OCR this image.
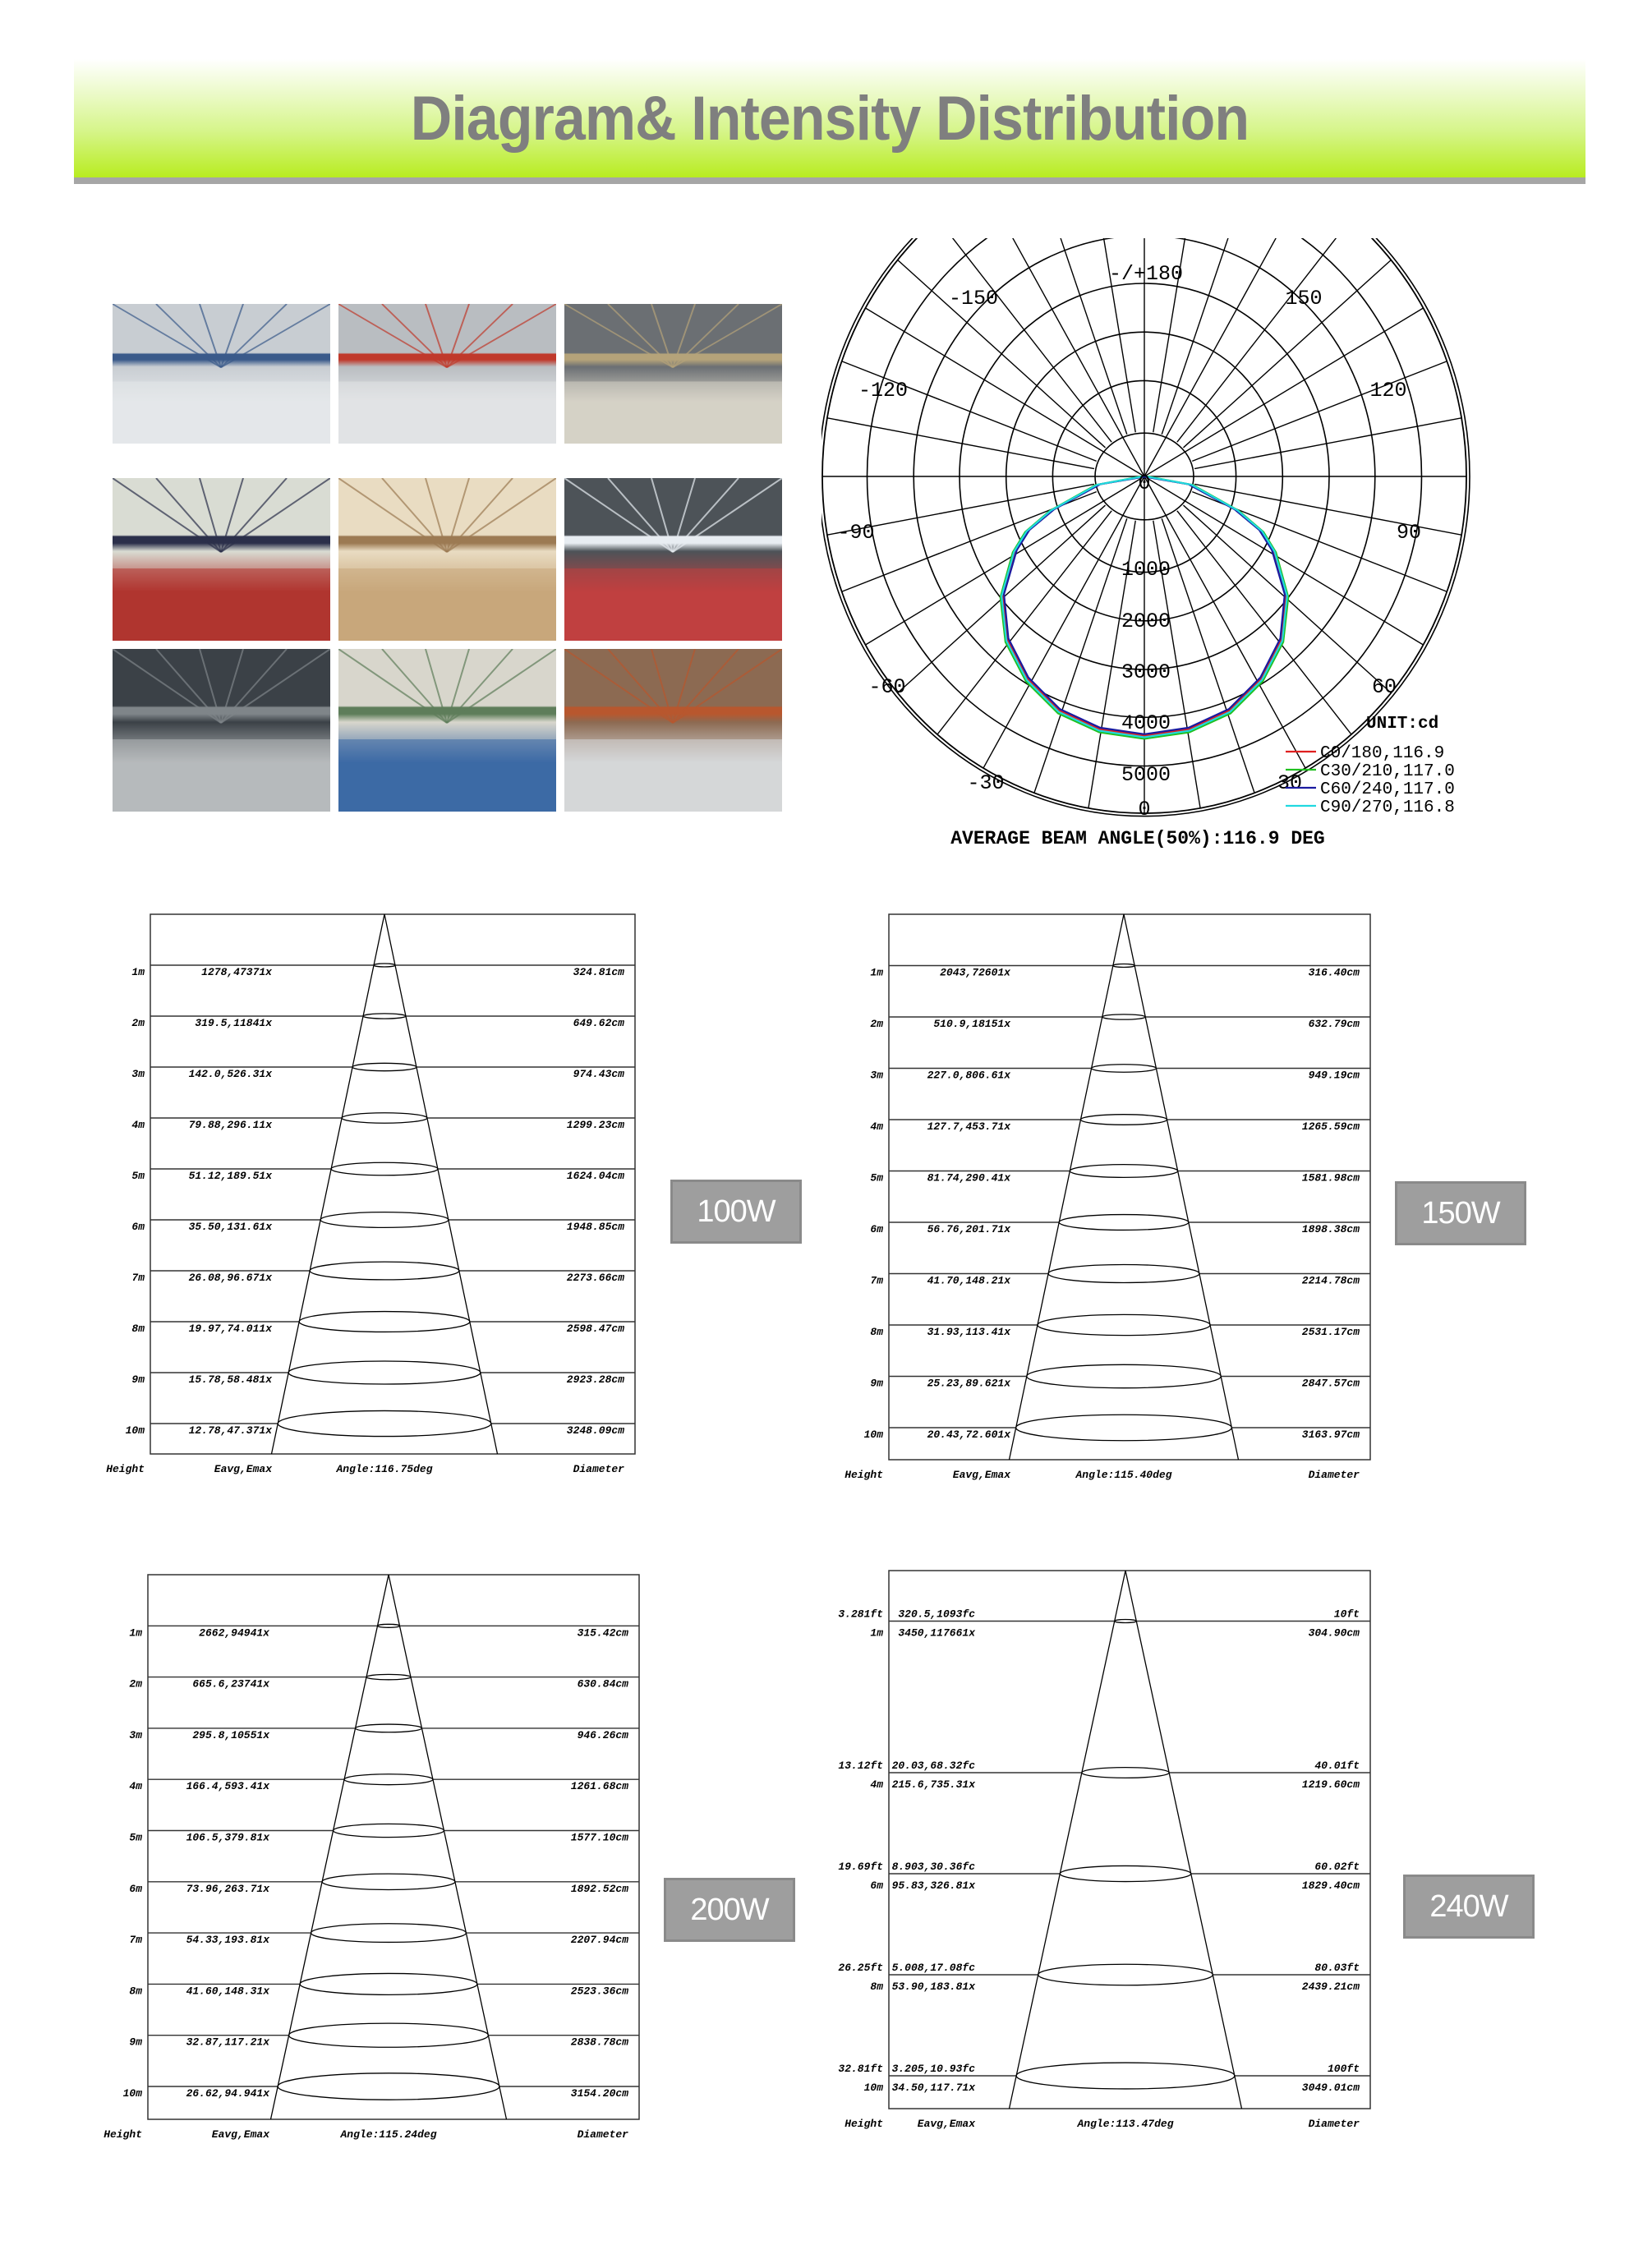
Diagram& Intensity Distribution
-/+180
-150	150
-120	120
-90	90
-60	60
-30	30
0
0
1000
2000
3000
4000
5000
UNIT:cd
C0/180,116.9
C30/210,117.0
C60/240,117.0
C90/270,116.8
AVERAGE BEAM ANGLE(50%):116.9 DEG
1m	1278,47371x	324.81cm
2m	319.5,11841x	649.62cm
3m	142.0,526.31x	974.43cm
4m	79.88,296.11x	1299.23cm
5m	51.12,189.51x	1624.04cm
6m	35.50,131.61x	1948.85cm
7m	26.08,96.671x	2273.66cm
8m	19.97,74.011x	2598.47cm
9m	15.78,58.481x	2923.28cm
10m	12.78,47.371x	3248.09cm
Height	Eavg,Emax	Angle:116.75deg	Diameter
1m	2043,72601x	316.40cm
2m	510.9,18151x	632.79cm
3m	227.0,806.61x	949.19cm
4m	127.7,453.71x	1265.59cm
5m	81.74,290.41x	1581.98cm
6m	56.76,201.71x	1898.38cm
7m	41.70,148.21x	2214.78cm
8m	31.93,113.41x	2531.17cm
9m	25.23,89.621x	2847.57cm
10m	20.43,72.601x	3163.97cm
Height	Eavg,Emax	Angle:115.40deg	Diameter
1m	2662,94941x	315.42cm
2m	665.6,23741x	630.84cm
3m	295.8,10551x	946.26cm
4m	166.4,593.41x	1261.68cm
5m	106.5,379.81x	1577.10cm
6m	73.96,263.71x	1892.52cm
7m	54.33,193.81x	2207.94cm
8m	41.60,148.31x	2523.36cm
9m	32.87,117.21x	2838.78cm
10m	26.62,94.941x	3154.20cm
Height	Eavg,Emax	Angle:115.24deg	Diameter
3.281ft 320.5,1093fc	10ft
1m 3450,117661x	304.90cm
13.12ft 20.03,68.32fc	40.01ft
4m 215.6,735.31x	1219.60cm
19.69ft 8.903,30.36fc	60.02ft
6m 95.83,326.81x	1829.40cm
26.25ft 5.008,17.08fc	80.03ft
8m 53.90,183.81x	2439.21cm
32.81ft 3.205,10.93fc	100ft
10m 34.50,117.71x	3049.01cm
Height	Eavg,Emax	Angle:113.47deg	Diameter
100W	150W
200W	240W
